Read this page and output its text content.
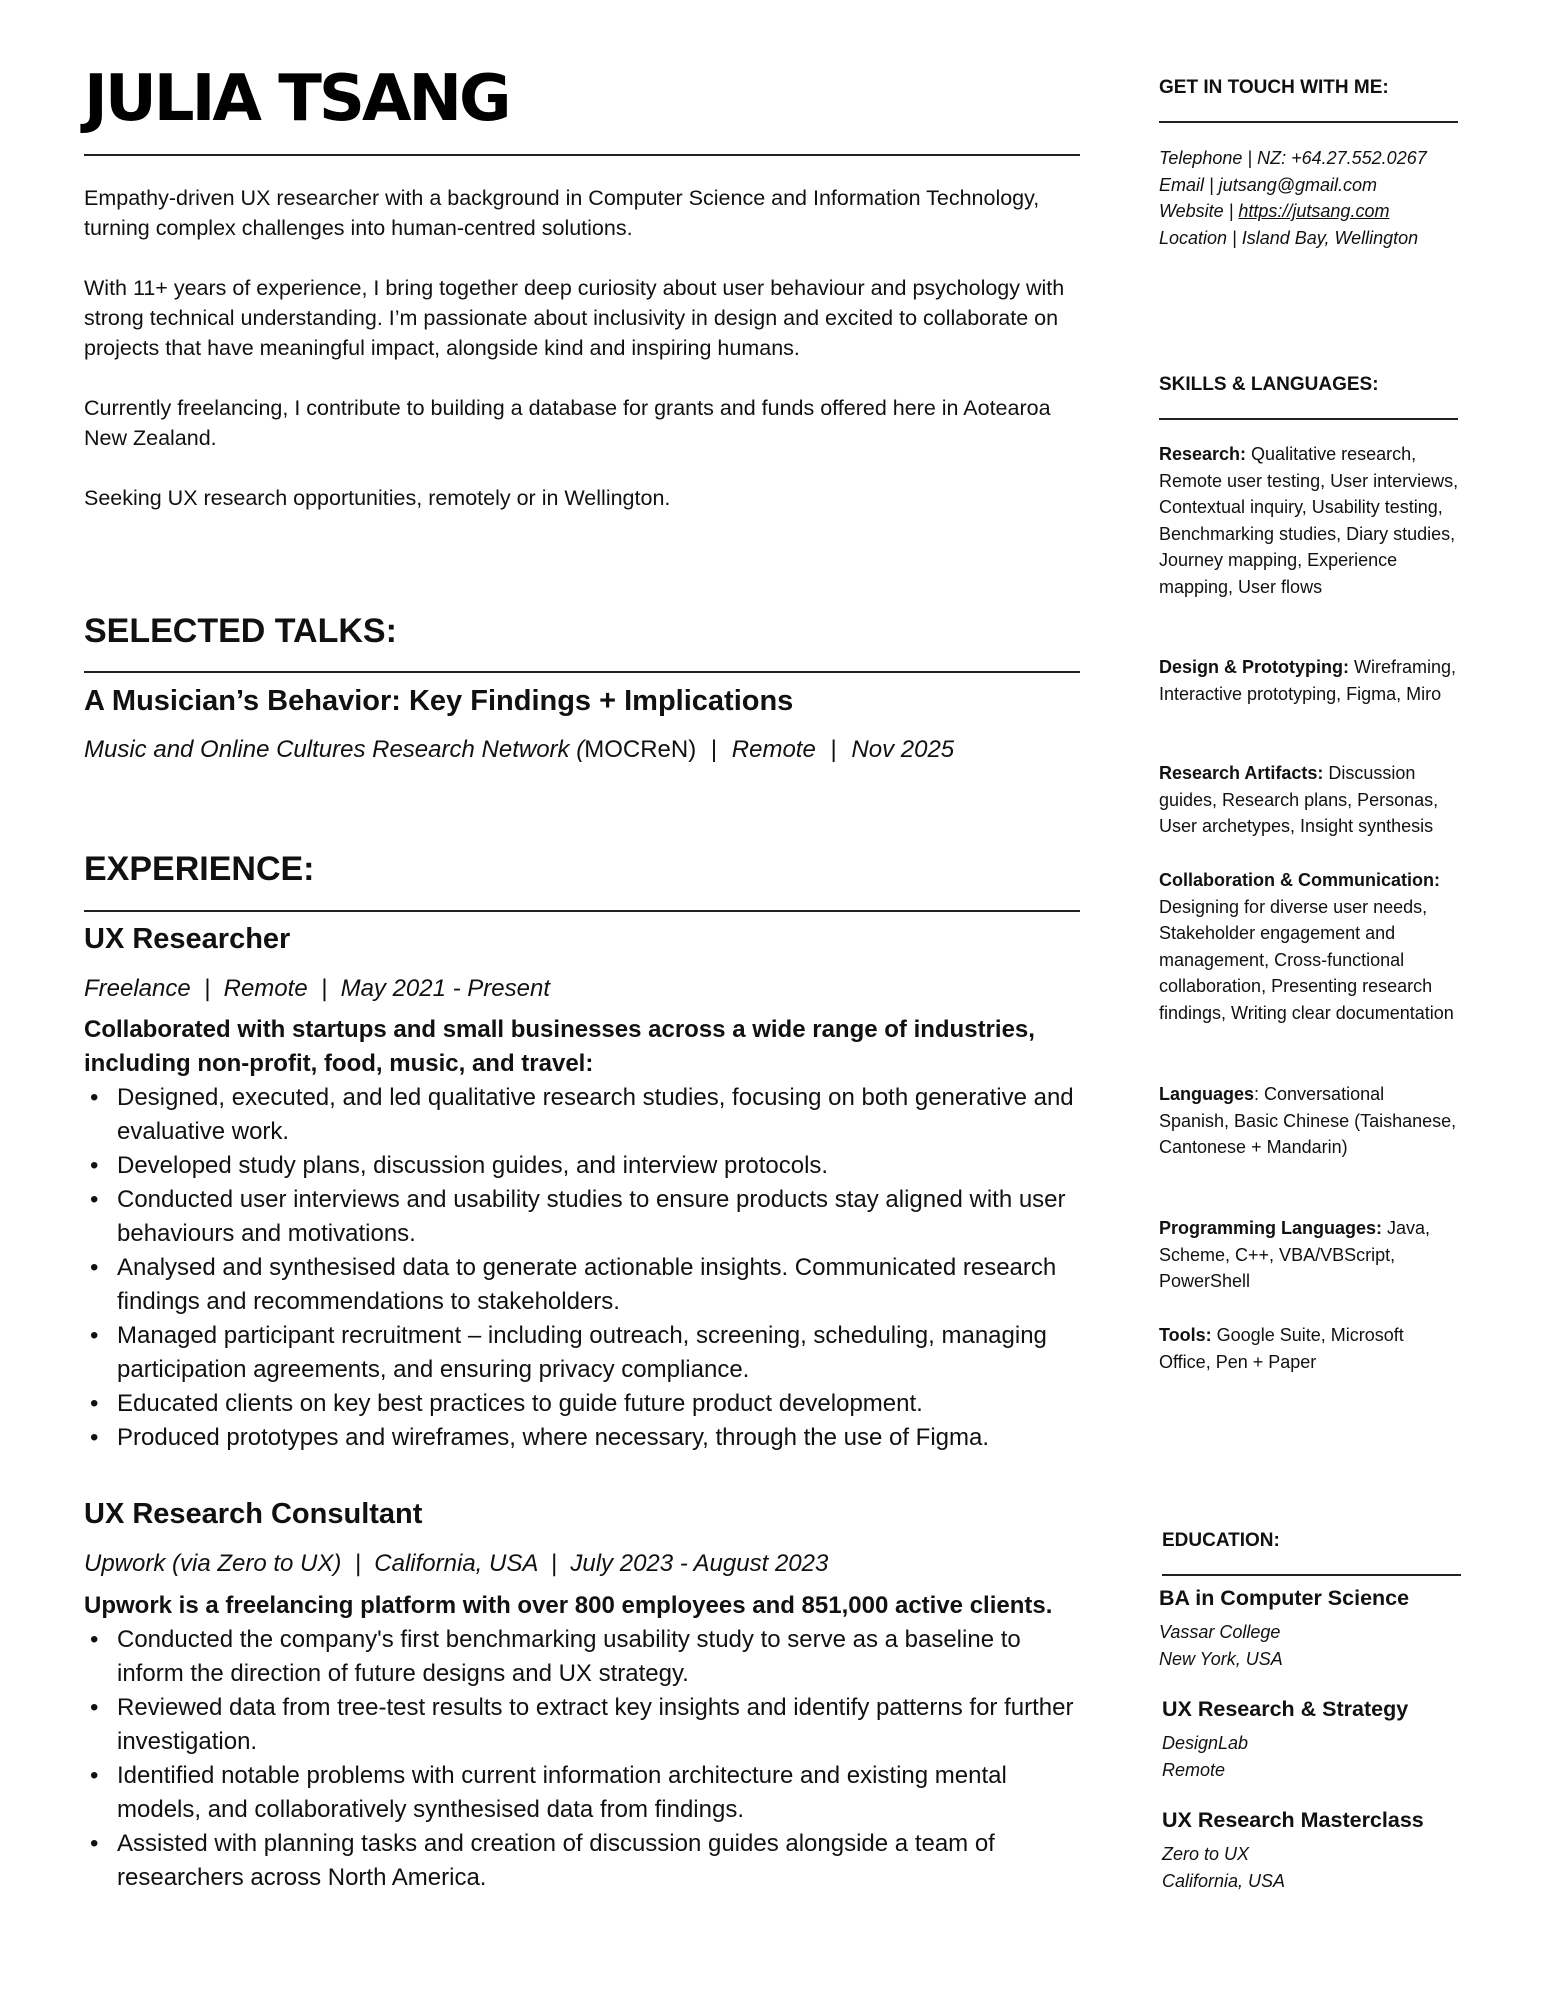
JULIA TSANG

Empathy-driven UX researcher with a background in Computer Science and Information Technology, turning complex challenges into human-centred solutions.

With 11+ years of experience, I bring together deep curiosity about user behaviour and psychology with strong technical understanding. I’m passionate about inclusivity in design and excited to collaborate on projects that have meaningful impact, alongside kind and inspiring humans.

Currently freelancing, I contribute to building a database for grants and funds offered here in Aotearoa New Zealand.

Seeking UX research opportunities, remotely or in Wellington.

SELECTED TALKS:
A Musician’s Behavior: Key Findings + Implications
Music and Online Cultures Research Network (MOCReN) | Remote | Nov 2025
EXPERIENCE:
UX Researcher
Freelance  |  Remote  |  May 2021 - Present
Collaborated with startups and small businesses across a wide range of industries, including non-profit, food, music, and travel:
• Designed, executed, and led qualitative research studies, focusing on both generative and evaluative work.
• Developed study plans, discussion guides, and interview protocols.
• Conducted user interviews and usability studies to ensure products stay aligned with user behaviours and motivations.
• Analysed and synthesised data to generate actionable insights. Communicated research findings and recommendations to stakeholders.
• Managed participant recruitment – including outreach, screening, scheduling, managing participation agreements, and ensuring privacy compliance.
• Educated clients on key best practices to guide future product development.
• Produced prototypes and wireframes, where necessary, through the use of Figma.
UX Research Consultant
Upwork (via Zero to UX)  |  California, USA  |  July 2023 - August 2023
Upwork is a freelancing platform with over 800 employees and 851,000 active clients.
• Conducted the company's first benchmarking usability study to serve as a baseline to inform the direction of future designs and UX strategy.
• Reviewed data from tree-test results to extract key insights and identify patterns for further investigation.
• Identified notable problems with current information architecture and existing mental models, and collaboratively synthesised data from findings.
• Assisted with planning tasks and creation of discussion guides alongside a team of researchers across North America.
GET IN TOUCH WITH ME:
Telephone | NZ: +64.27.552.0267
Email | jutsang@gmail.com
Website | https://jutsang.com
Location | Island Bay, Wellington
SKILLS & LANGUAGES:
Research: Qualitative research, Remote user testing, User interviews, Contextual inquiry, Usability testing, Benchmarking studies, Diary studies, Journey mapping, Experience mapping, User flows
Design & Prototyping: Wireframing, Interactive prototyping, Figma, Miro
Research Artifacts: Discussion guides, Research plans, Personas, User archetypes, Insight synthesis
Collaboration & Communication: Designing for diverse user needs, Stakeholder engagement and management, Cross-functional collaboration, Presenting research findings, Writing clear documentation
Languages: Conversational Spanish, Basic Chinese (Taishanese, Cantonese + Mandarin)
Programming Languages: Java, Scheme, C++, VBA/VBScript, PowerShell
Tools: Google Suite, Microsoft Office, Pen + Paper
EDUCATION:
BA in Computer Science
Vassar College
New York, USA
UX Research & Strategy
DesignLab
Remote
UX Research Masterclass
Zero to UX
California, USA
